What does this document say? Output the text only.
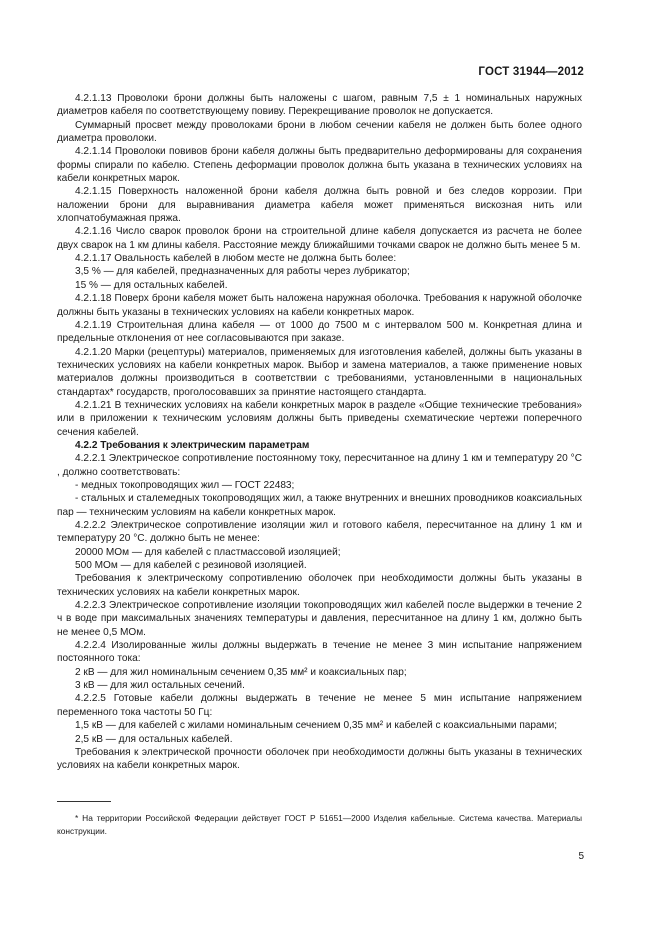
ГОСТ 31944—2012

4.2.1.13 Проволоки брони должны быть наложены с шагом, равным 7,5 ± 1 номинальных наружных диаметров кабеля по соответствующему повиву. Перекрещивание проволок не допускается.

Суммарный просвет между проволоками брони в любом сечении кабеля не должен быть более одного диаметра проволоки.

4.2.1.14 Проволоки повивов брони кабеля должны быть предварительно деформированы для сохранения формы спирали по кабелю. Степень деформации проволок должна быть указана в технических условиях на кабели конкретных марок.

4.2.1.15 Поверхность наложенной брони кабеля должна быть ровной и без следов коррозии. При наложении брони для выравнивания диаметра кабеля может применяться вискозная нить или хлопчатобумажная пряжа.

4.2.1.16 Число сварок проволок брони на строительной длине кабеля допускается из расчета не более двух сварок на 1 км длины кабеля. Расстояние между ближайшими точками сварок не должно быть менее 5 м.

4.2.1.17 Овальность кабелей в любом месте не должна быть более:

3,5 % — для кабелей, предназначенных для работы через лубрикатор;

15 % — для остальных кабелей.

4.2.1.18 Поверх брони кабеля может быть наложена наружная оболочка. Требования к наружной оболочке должны быть указаны в технических условиях на кабели конкретных марок.

4.2.1.19 Строительная длина кабеля — от 1000 до 7500 м с интервалом 500 м. Конкретная длина и предельные отклонения от нее согласовываются при заказе.

4.2.1.20 Марки (рецептуры) материалов, применяемых для изготовления кабелей, должны быть указаны в технических условиях на кабели конкретных марок. Выбор и замена материалов, а также применение новых материалов должны производиться в соответствии с требованиями, установленными в национальных стандартах* государств, проголосовавших за принятие настоящего стандарта.

4.2.1.21 В технических условиях на кабели конкретных марок в разделе «Общие технические требования» или в приложении к техническим условиям должны быть приведены схематические чертежи поперечного сечения кабелей.

4.2.2 Требования к электрическим параметрам

4.2.2.1 Электрическое сопротивление постоянному току, пересчитанное на длину 1 км и температуру 20 °С , должно соответствовать:

- медных токопроводящих жил — ГОСТ 22483;

- стальных и сталемедных токопроводящих жил, а также внутренних и внешних проводников коаксиальных пар — техническим условиям на кабели конкретных марок.

4.2.2.2 Электрическое сопротивление изоляции жил и готового кабеля, пересчитанное на длину 1 км и температуру 20 °С. должно быть не менее:

20000 МОм — для кабелей с пластмассовой изоляцией;

500 МОм — для кабелей с резиновой изоляцией.

Требования к электрическому сопротивлению оболочек при необходимости должны быть указаны в технических условиях на кабели конкретных марок.

4.2.2.3 Электрическое сопротивление изоляции токопроводящих жил кабелей после выдержки в течение 2 ч в воде при максимальных значениях температуры и давления, пересчитанное на длину 1 км, должно быть не менее 0,5 МОм.

4.2.2.4 Изолированные жилы должны выдержать в течение не менее 3 мин испытание напряжением постоянного тока:

2 кВ — для жил номинальным сечением 0,35 мм² и коаксиальных пар;

3 кВ — для жил остальных сечений.

4.2.2.5 Готовые кабели должны выдержать в течение не менее 5 мин испытание напряжением переменного тока частоты 50 Гц:

1,5 кВ — для кабелей с жилами номинальным сечением 0,35 мм² и кабелей с коаксиальными парами;

2,5 кВ — для остальных кабелей.

Требования к электрической прочности оболочек при необходимости должны быть указаны в технических условиях на кабели конкретных марок.

* На территории Российской Федерации действует ГОСТ Р 51651—2000 Изделия кабельные. Система качества. Материалы конструкции.

5
